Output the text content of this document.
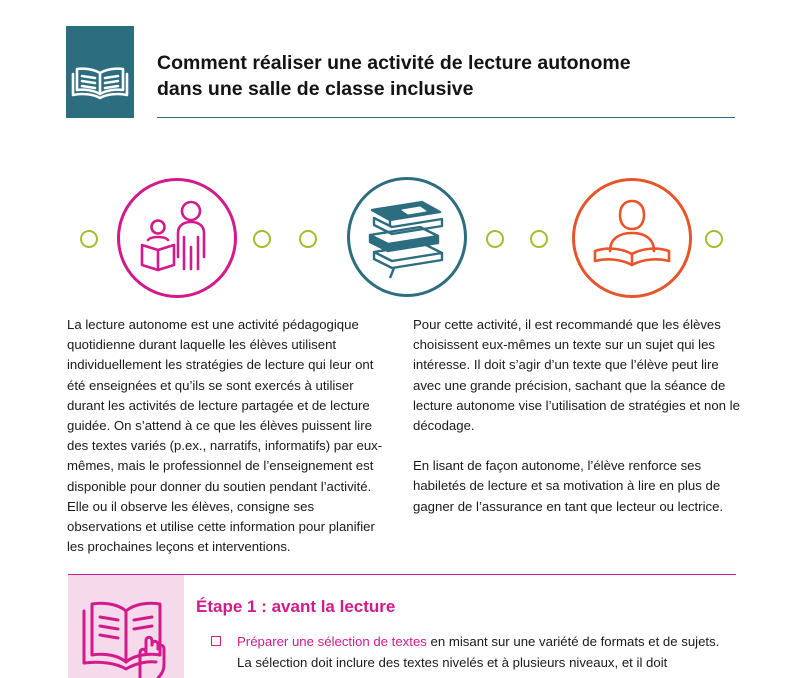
Comment réaliser une activité de lecture autonome
dans une salle de classe inclusive

La lecture autonome est une activité pédagogique quotidienne durant laquelle les élèves utilisent individuellement les stratégies de lecture qui leur ont été enseignées et qu’ils se sont exercés à utiliser durant les activités de lecture partagée et de lecture guidée. On s’attend à ce que les élèves puissent lire des textes variés (p.ex., narratifs, informatifs) par eux-mêmes, mais le professionnel de l’enseignement est disponible pour donner du soutien pendant l’activité. Elle ou il observe les élèves, consigne ses observations et utilise cette information pour planifier les prochaines leçons et interventions.

Pour cette activité, il est recommandé que les élèves choisissent eux-mêmes un texte sur un sujet qui les intéresse. Il doit s’agir d’un texte que l’élève peut lire avec une grande précision, sachant que la séance de lecture autonome vise l’utilisation de stratégies et non le décodage.

En lisant de façon autonome, l’élève renforce ses habiletés de lecture et sa motivation à lire en plus de gagner de l’assurance en tant que lecteur ou lectrice.

Étape 1 : avant la lecture

Préparer une sélection de textes en misant sur une variété de formats et de sujets. La sélection doit inclure des textes nivelés et à plusieurs niveaux, et il doit
